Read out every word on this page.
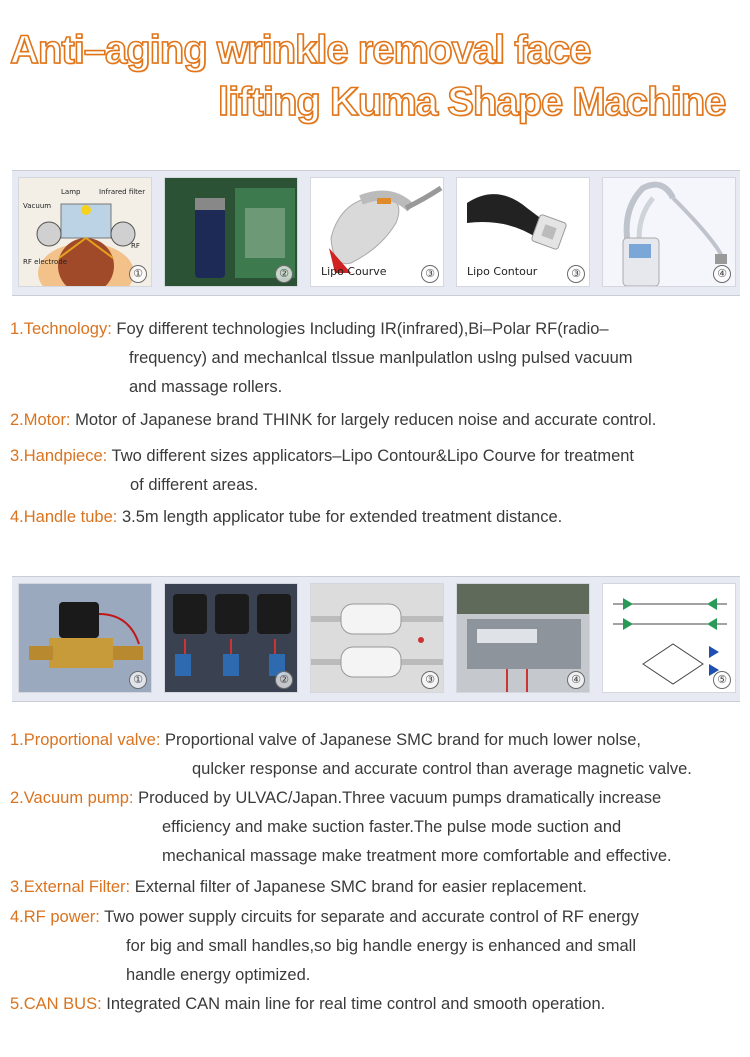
Anti–aging wrinkle removal face
lifting Kuma Shape Machine
Lamp	Infrared filter
Vacuum
RF
RF electrode
①	②	Lipo Courve	③	Lipo Contour	③	④
1.Technology: Foy different technologies Including IR(infrared),Bi–Polar RF(radio–
frequency) and mechanlcal tlssue manlpulatlon uslng pulsed vacuum
and massage rollers.
2.Motor: Motor of Japanese brand THINK for largely reducen noise and accurate control.
3.Handpiece: Two different sizes applicators–Lipo Contour&Lipo Courve for treatment
of different areas.
4.Handle tube: 3.5m length applicator tube for extended treatment distance.
①	②	③	④	⑤
1.Proportional valve: Proportional valve of Japanese SMC brand for much lower nolse,
qulcker response and accurate control than average magnetic valve.
2.Vacuum pump: Produced by ULVAC/Japan.Three vacuum pumps dramatically increase
efficiency and make suction faster.The pulse mode suction and
mechanical massage make treatment more comfortable and effective.
3.External Filter: External filter of Japanese SMC brand for easier replacement.
4.RF power: Two power supply circuits for separate and accurate control of RF energy
for big and small handles,so big handle energy is enhanced and small
handle energy optimized.
5.CAN BUS: Integrated CAN main line for real time control and smooth operation.
